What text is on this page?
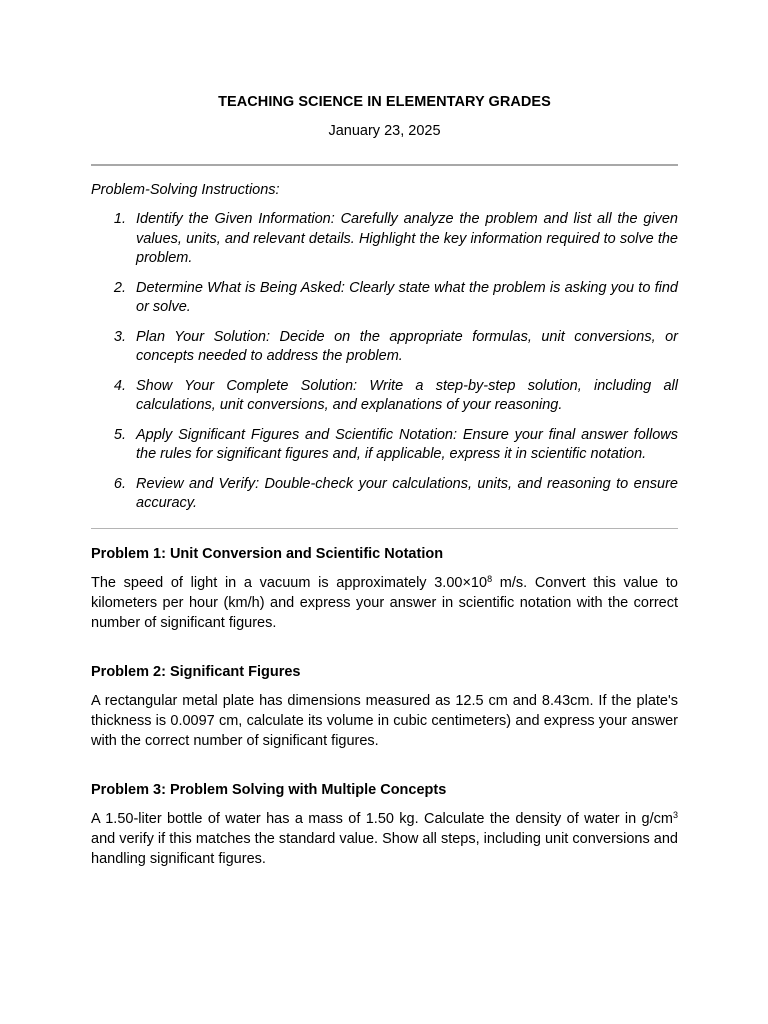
TEACHING SCIENCE IN ELEMENTARY GRADES

January 23, 2025

Problem-Solving Instructions:

1. Identify the Given Information: Carefully analyze the problem and list all the given values, units, and relevant details. Highlight the key information required to solve the problem.
2. Determine What is Being Asked: Clearly state what the problem is asking you to find or solve.
3. Plan Your Solution: Decide on the appropriate formulas, unit conversions, or concepts needed to address the problem.
4. Show Your Complete Solution: Write a step-by-step solution, including all calculations, unit conversions, and explanations of your reasoning.
5. Apply Significant Figures and Scientific Notation: Ensure your final answer follows the rules for significant figures and, if applicable, express it in scientific notation.
6. Review and Verify: Double-check your calculations, units, and reasoning to ensure accuracy.
Problem 1: Unit Conversion and Scientific Notation

The speed of light in a vacuum is approximately $3.00\times 10^8$ m/s. Convert this value to kilometers per hour (km/h) and express your answer in scientific notation with the correct number of significant figures.

Problem 2: Significant Figures

A rectangular metal plate has dimensions measured as 12.5 cm and 8.43cm. If the plate's thickness is 0.0097 cm, calculate its volume in cubic centimeters) and express your answer with the correct number of significant figures.

Problem 3: Problem Solving with Multiple Concepts

A 1.50-liter bottle of water has a mass of 1.50 kg. Calculate the density of water in $g/cm^3$ and verify if this matches the standard value. Show all steps, including unit conversions and handling significant figures.
